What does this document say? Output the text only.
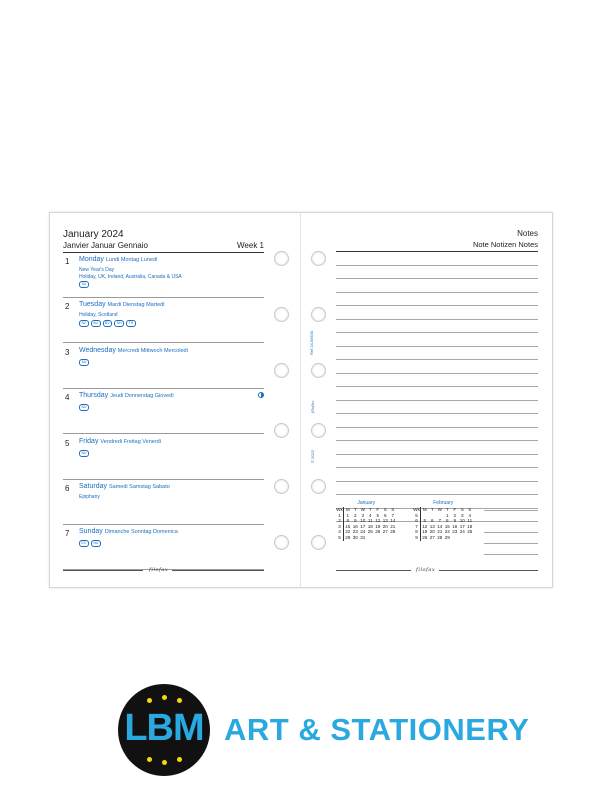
January 2024
Janvier Januar Gennaio	Week 1
1 Monday Lundi Montag Lunedì
New Year's Day
Holiday, UK, Ireland, Australia, Canada & USA
SA
2 Tuesday Mardi Dienstag Martedì
Holiday, Scotland
NZ	AU	BV	SH	TH
3 Wednesday Mercredi Mittwoch Mercoledì
AU
4 Thursday Jeudi Donnerstag Giovedì
NU
5 Friday Vendredi Freitag Venerdì
NU
6 Saturday Samedi Samstag Sabato
Epiphany
7 Sunday Dimanche Sonntag Domenica
EC	NU
filofax
Ref 24-68530
filofax
© 2022
Notes
Note Notizen Notes
January
Wk	M	T	W	T	F	S	S
1	1	2	3	4	5	6	7
2	8	9	10	11	12	13	14
3	15	16	17	18	19	20	21
4	22	23	24	25	26	27	28
5	29	30	31				
February
Wk	M	T	W	T	F	S	S
5				1	2	3	4
6	5	6	7	8	9	10	11
7	12	13	14	15	16	17	18
8	19	20	21	22	23	24	25
9	26	27	28	29			
filofax
LBM ART & STATIONERY
